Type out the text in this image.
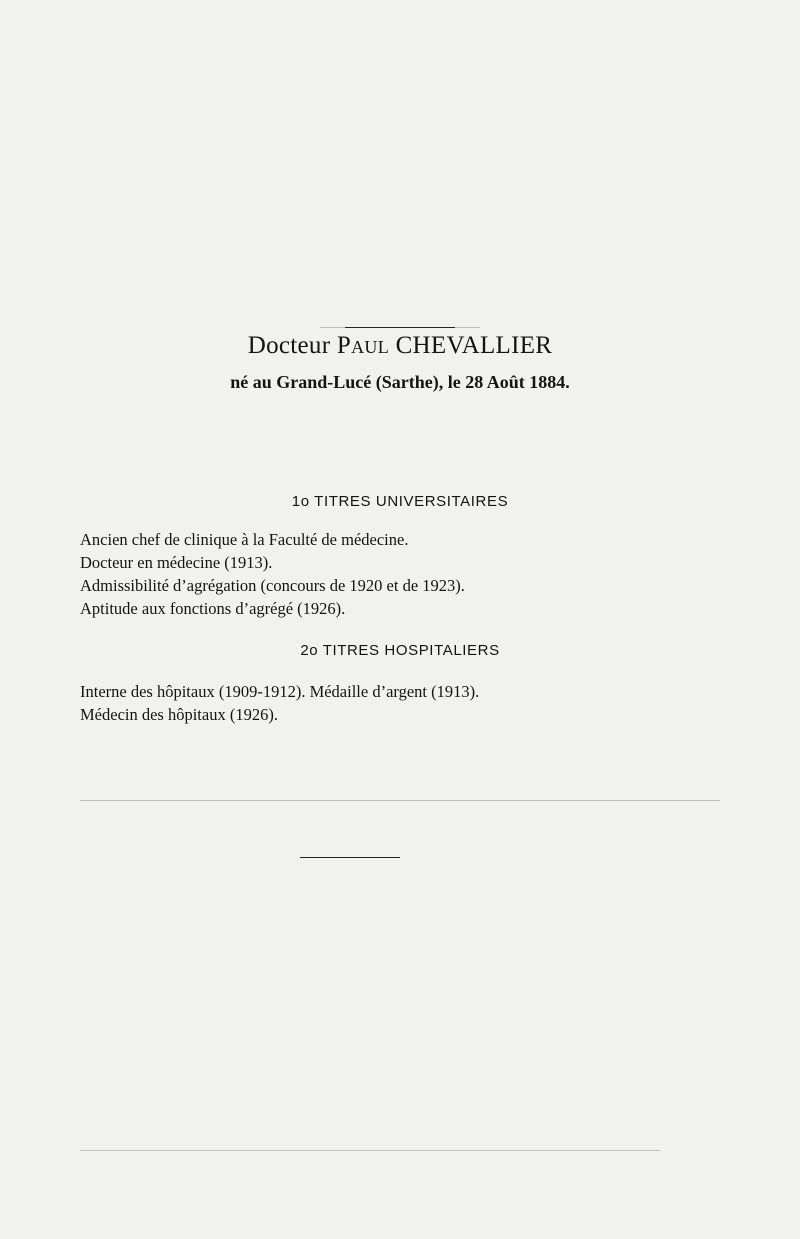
Docteur Paul CHEVALLIER
né au Grand-Lucé (Sarthe), le 28 Août 1884.
1o TITRES UNIVERSITAIRES
Ancien chef de clinique à la Faculté de médecine.
Docteur en médecine (1913).
Admissibilité d’agrégation (concours de 1920 et de 1923).
Aptitude aux fonctions d’agrégé (1926).
2o TITRES HOSPITALIERS
Interne des hôpitaux (1909-1912). Médaille d’argent (1913).
Médecin des hôpitaux (1926).
